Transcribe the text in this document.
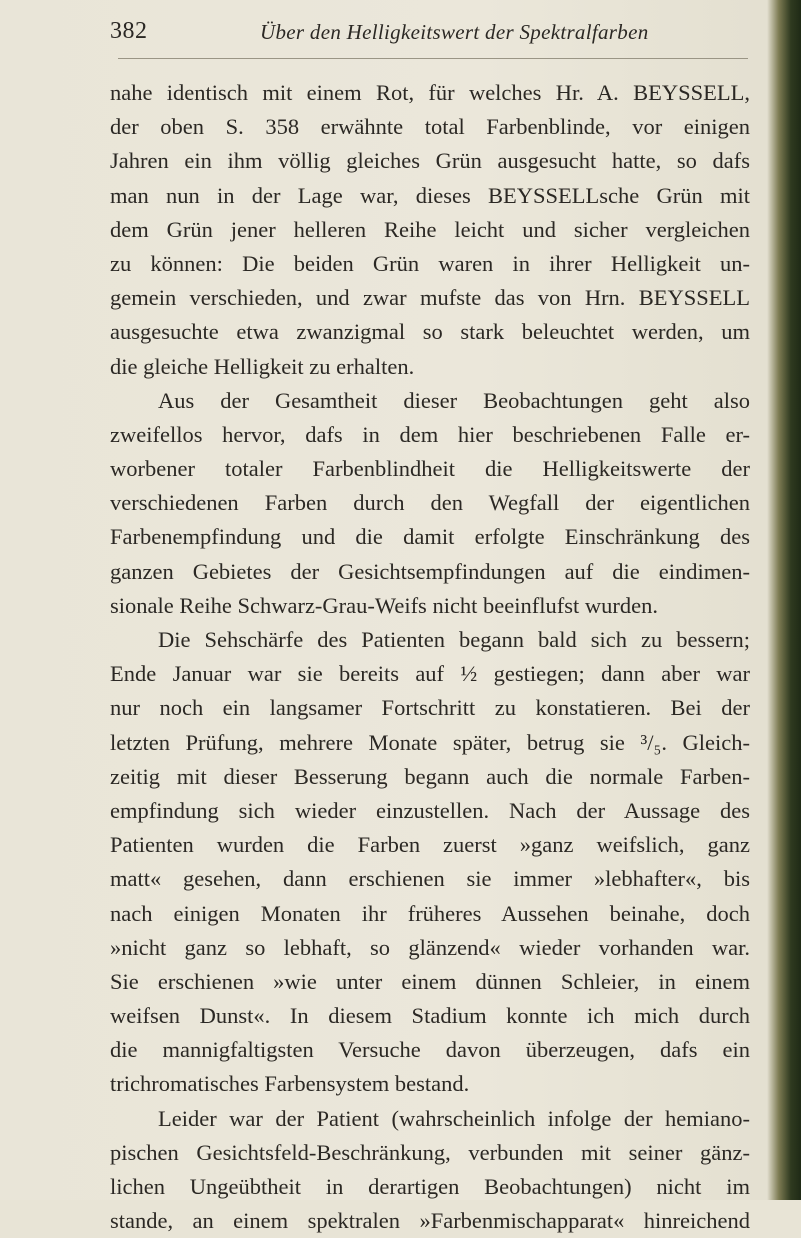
382	Über den Helligkeitswert der Spektralfarben
nahe identisch mit einem Rot, für welches Hr. A. BEYSSELL,
der oben S. 358 erwähnte total Farbenblinde, vor einigen
Jahren ein ihm völlig gleiches Grün ausgesucht hatte, so dafs
man nun in der Lage war, dieses BEYSSELLsche Grün mit
dem Grün jener helleren Reihe leicht und sicher vergleichen
zu können: Die beiden Grün waren in ihrer Helligkeit un-
gemein verschieden, und zwar mufste das von Hrn. BEYSSELL
ausgesuchte etwa zwanzigmal so stark beleuchtet werden, um
die gleiche Helligkeit zu erhalten.
Aus der Gesamtheit dieser Beobachtungen geht also
zweifellos hervor, dafs in dem hier beschriebenen Falle er-
worbener totaler Farbenblindheit die Helligkeitswerte der
verschiedenen Farben durch den Wegfall der eigentlichen
Farbenempfindung und die damit erfolgte Einschränkung des
ganzen Gebietes der Gesichtsempfindungen auf die eindimen-
sionale Reihe Schwarz-Grau-Weifs nicht beeinflufst wurden.
Die Sehschärfe des Patienten begann bald sich zu bessern;
Ende Januar war sie bereits auf ½ gestiegen; dann aber war
nur noch ein langsamer Fortschritt zu konstatieren. Bei der
letzten Prüfung, mehrere Monate später, betrug sie ³/₅. Gleich-
zeitig mit dieser Besserung begann auch die normale Farben-
empfindung sich wieder einzustellen. Nach der Aussage des
Patienten wurden die Farben zuerst »ganz weifslich, ganz
matt« gesehen, dann erschienen sie immer »lebhafter«, bis
nach einigen Monaten ihr früheres Aussehen beinahe, doch
»nicht ganz so lebhaft, so glänzend« wieder vorhanden war.
Sie erschienen »wie unter einem dünnen Schleier, in einem
weifsen Dunst«. In diesem Stadium konnte ich mich durch
die mannigfaltigsten Versuche davon überzeugen, dafs ein
trichromatisches Farbensystem bestand.
Leider war der Patient (wahrscheinlich infolge der hemiano-
pischen Gesichtsfeld-Beschränkung, verbunden mit seiner gänz-
lichen Ungeübtheit in derartigen Beobachtungen) nicht im
stande, an einem spektralen »Farbenmischapparat« hinreichend
